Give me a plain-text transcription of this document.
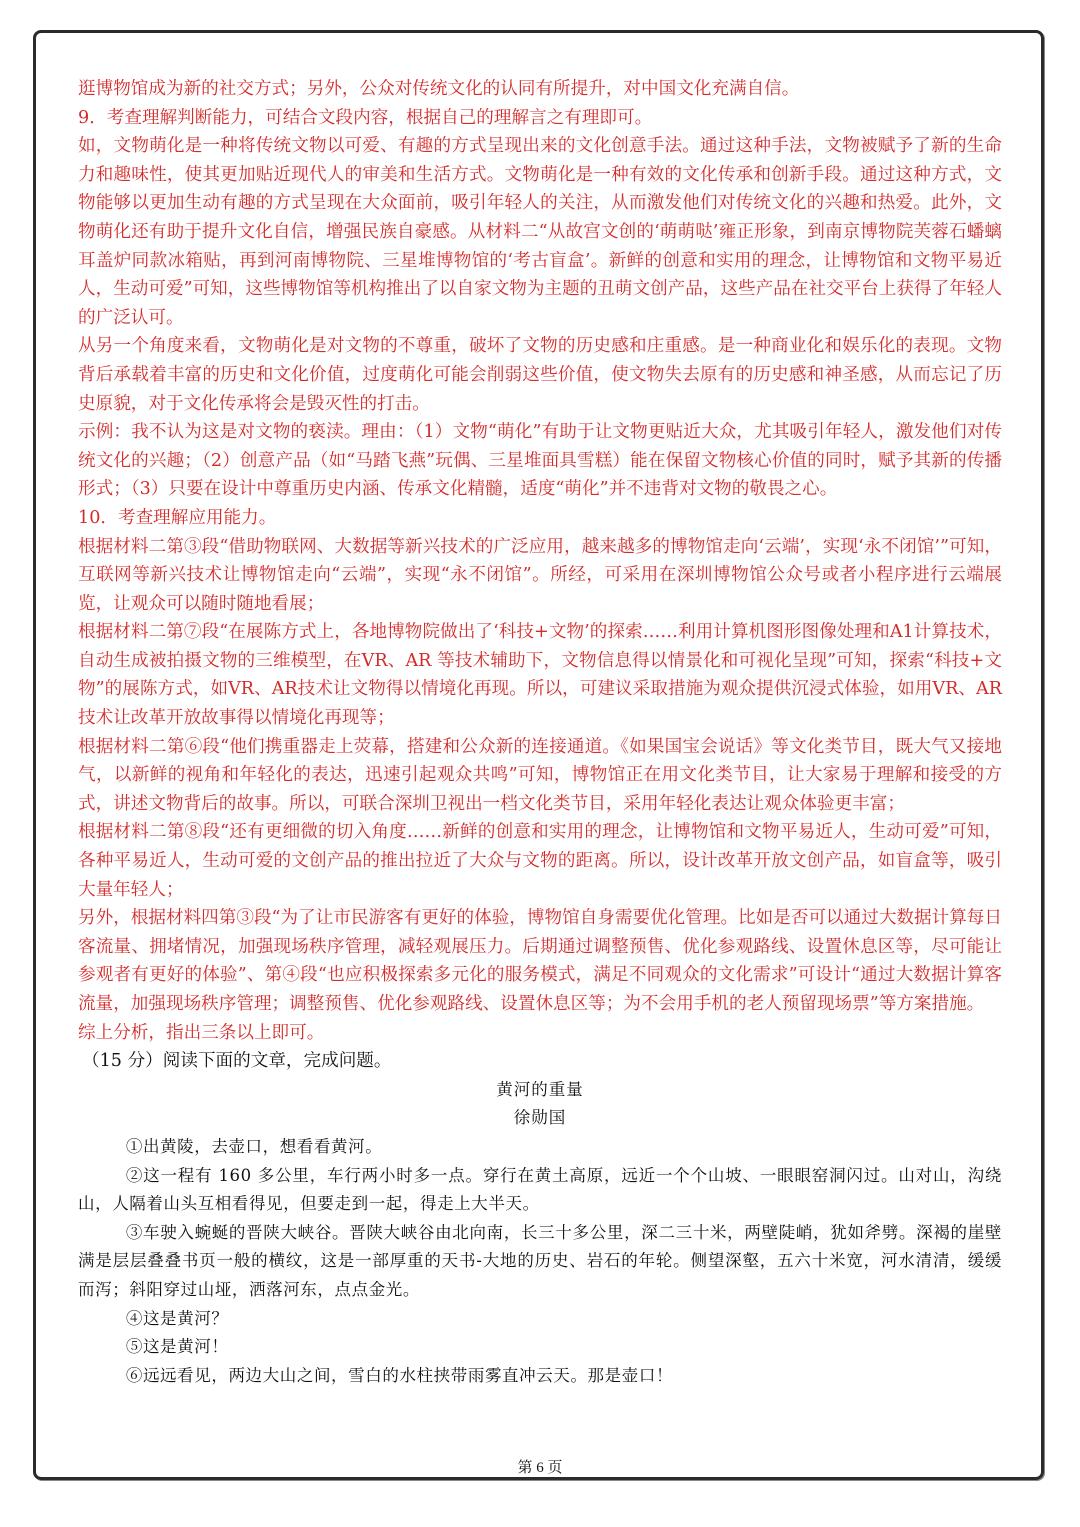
逛博物馆成为新的社交方式；另外，公众对传统文化的认同有所提升，对中国文化充满自信。

9．考查理解判断能力，可结合文段内容，根据自己的理解言之有理即可。

如，文物萌化是一种将传统文物以可爱、有趣的方式呈现出来的文化创意手法。通过这种手法，文物被赋予了新的生命力和趣味性，使其更加贴近现代人的审美和生活方式。文物萌化是一种有效的文化传承和创新手段。通过这种方式，文物能够以更加生动有趣的方式呈现在大众面前，吸引年轻人的关注，从而激发他们对传统文化的兴趣和热爱。此外，文物萌化还有助于提升文化自信，增强民族自豪感。从材料二“从故宫文创的‘萌萌哒’雍正形象，到南京博物院芙蓉石蟠螭耳盖炉同款冰箱贴，再到河南博物院、三星堆博物馆的‘考古盲盒’。新鲜的创意和实用的理念，让博物馆和文物平易近人，生动可爱”可知，这些博物馆等机构推出了以自家文物为主题的丑萌文创产品，这些产品在社交平台上获得了年轻人的广泛认可。

从另一个角度来看，文物萌化是对文物的不尊重，破坏了文物的历史感和庄重感。是一种商业化和娱乐化的表现。文物背后承载着丰富的历史和文化价值，过度萌化可能会削弱这些价值，使文物失去原有的历史感和神圣感，从而忘记了历史原貌，对于文化传承将会是毁灭性的打击。

示例：我不认为这是对文物的亵渎。理由：（1）文物“萌化”有助于让文物更贴近大众，尤其吸引年轻人，激发他们对传统文化的兴趣；（2）创意产品（如“马踏飞燕”玩偶、三星堆面具雪糕）能在保留文物核心价值的同时，赋予其新的传播形式；（3）只要在设计中尊重历史内涵、传承文化精髓，适度“萌化”并不违背对文物的敬畏之心。

10．考查理解应用能力。

根据材料二第③段“借助物联网、大数据等新兴技术的广泛应用，越来越多的博物馆走向‘云端’，实现‘永不闭馆’”可知，互联网等新兴技术让博物馆走向“云端”，实现“永不闭馆”。所经，可采用在深圳博物馆公众号或者小程序进行云端展览，让观众可以随时随地看展；

根据材料二第⑦段“在展陈方式上，各地博物院做出了‘科技+文物’的探索……利用计算机图形图像处理和A1计算技术，自动生成被拍摄文物的三维模型，在VR、AR 等技术辅助下，文物信息得以情景化和可视化呈现”可知，探索“科技+文物”的展陈方式，如VR、AR技术让文物得以情境化再现。所以，可建议采取措施为观众提供沉浸式体验，如用VR、AR技术让改革开放故事得以情境化再现等；

根据材料二第⑥段“他们携重器走上荧幕，搭建和公众新的连接通道。《如果国宝会说话》等文化类节目，既大气又接地气，以新鲜的视角和年轻化的表达，迅速引起观众共鸣”可知，博物馆正在用文化类节目，让大家易于理解和接受的方式，讲述文物背后的故事。所以，可联合深圳卫视出一档文化类节目，采用年轻化表达让观众体验更丰富；

根据材料二第⑧段“还有更细微的切入角度……新鲜的创意和实用的理念，让博物馆和文物平易近人，生动可爱”可知， 各种平易近人，生动可爱的文创产品的推出拉近了大众与文物的距离。所以，设计改革开放文创产品，如盲盒等，吸引大量年轻人；

另外，根据材料四第③段“为了让市民游客有更好的体验，博物馆自身需要优化管理。比如是否可以通过大数据计算每日客流量、拥堵情况，加强现场秩序管理，减轻观展压力。后期通过调整预售、优化参观路线、设置休息区等，尽可能让参观者有更好的体验”、第④段“也应积极探索多元化的服务模式，满足不同观众的文化需求”可设计“通过大数据计算客流量，加强现场秩序管理；调整预售、优化参观路线、设置休息区等；为不会用手机的老人预留现场票”等方案措施。

综上分析，指出三条以上即可。

（15 分）阅读下面的文章，完成问题。

黄河的重量

徐勋国

①出黄陵，去壶口，想看看黄河。

②这一程有 160 多公里，车行两小时多一点。穿行在黄土高原，远近一个个山坡、一眼眼窑洞闪过。山对山，沟绕山，人隔着山头互相看得见，但要走到一起，得走上大半天。

③车驶入蜿蜒的晋陕大峡谷。晋陕大峡谷由北向南，长三十多公里，深二三十米，两壁陡峭，犹如斧劈。深褐的崖壁满是层层叠叠书页一般的横纹，这是一部厚重的天书-大地的历史、岩石的年轮。侧望深壑，五六十米宽，河水清清，缓缓而泻；斜阳穿过山垭，洒落河东，点点金光。

④这是黄河？

⑤这是黄河！

⑥远远看见，两边大山之间，雪白的水柱挟带雨雾直冲云天。那是壶口！

第 6 页
